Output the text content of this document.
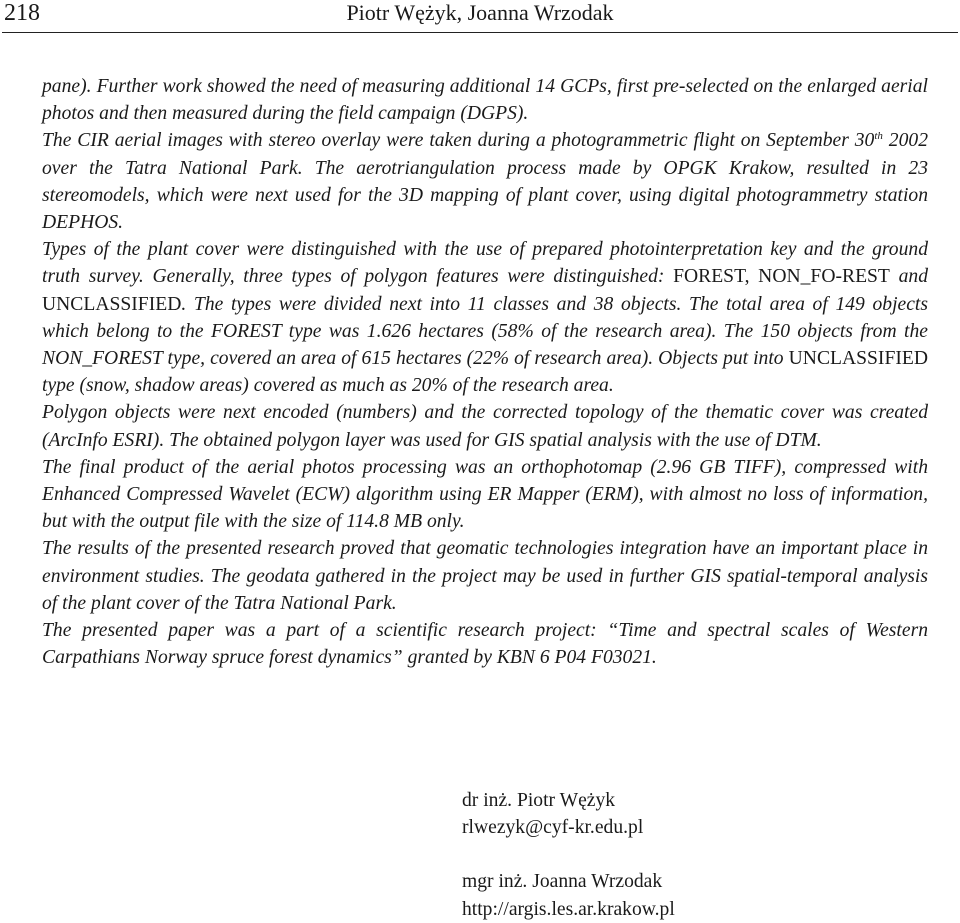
218	Piotr Wężyk, Joanna Wrzodak

pane). Further work showed the need of measuring additional 14 GCPs, first pre-selected on the enlarged aerial photos and then measured during the field campaign (DGPS).

The CIR aerial images with stereo overlay were taken during a photogrammetric flight on September 30th 2002 over the Tatra National Park. The aerotriangulation process made by OPGK Krakow, resulted in 23 stereomodels, which were next used for the 3D mapping of plant cover, using digital photogrammetry station DEPHOS.

Types of the plant cover were distinguished with the use of prepared photointerpretation key and the ground truth survey. Generally, three types of polygon features were distinguished: FOREST, NON_FO-REST and UNCLASSIFIED. The types were divided next into 11 classes and 38 objects. The total area of 149 objects which belong to the FOREST type was 1.626 hectares (58% of the research area). The 150 objects from the NON_FOREST type, covered an area of 615 hectares (22% of research area). Objects put into UNCLASSIFIED type (snow, shadow areas) covered as much as 20% of the research area.

Polygon objects were next encoded (numbers) and the corrected topology of the thematic cover was created (ArcInfo ESRI). The obtained polygon layer was used for GIS spatial analysis with the use of DTM.

The final product of the aerial photos processing was an orthophotomap (2.96 GB TIFF), compressed with Enhanced Compressed Wavelet (ECW) algorithm using ER Mapper (ERM), with almost no loss of information, but with the output file with the size of 114.8 MB only.

The results of the presented research proved that geomatic technologies integration have an important place in environment studies. The geodata gathered in the project may be used in further GIS spatial-temporal analysis of the plant cover of the Tatra National Park.

The presented paper was a part of a scientific research project: “Time and spectral scales of Western Carpathians Norway spruce forest dynamics” granted by KBN 6 P04 F03021.

dr inż. Piotr Wężyk
rlwezyk@cyf-kr.edu.pl
mgr inż. Joanna Wrzodak
http://argis.les.ar.krakow.pl
